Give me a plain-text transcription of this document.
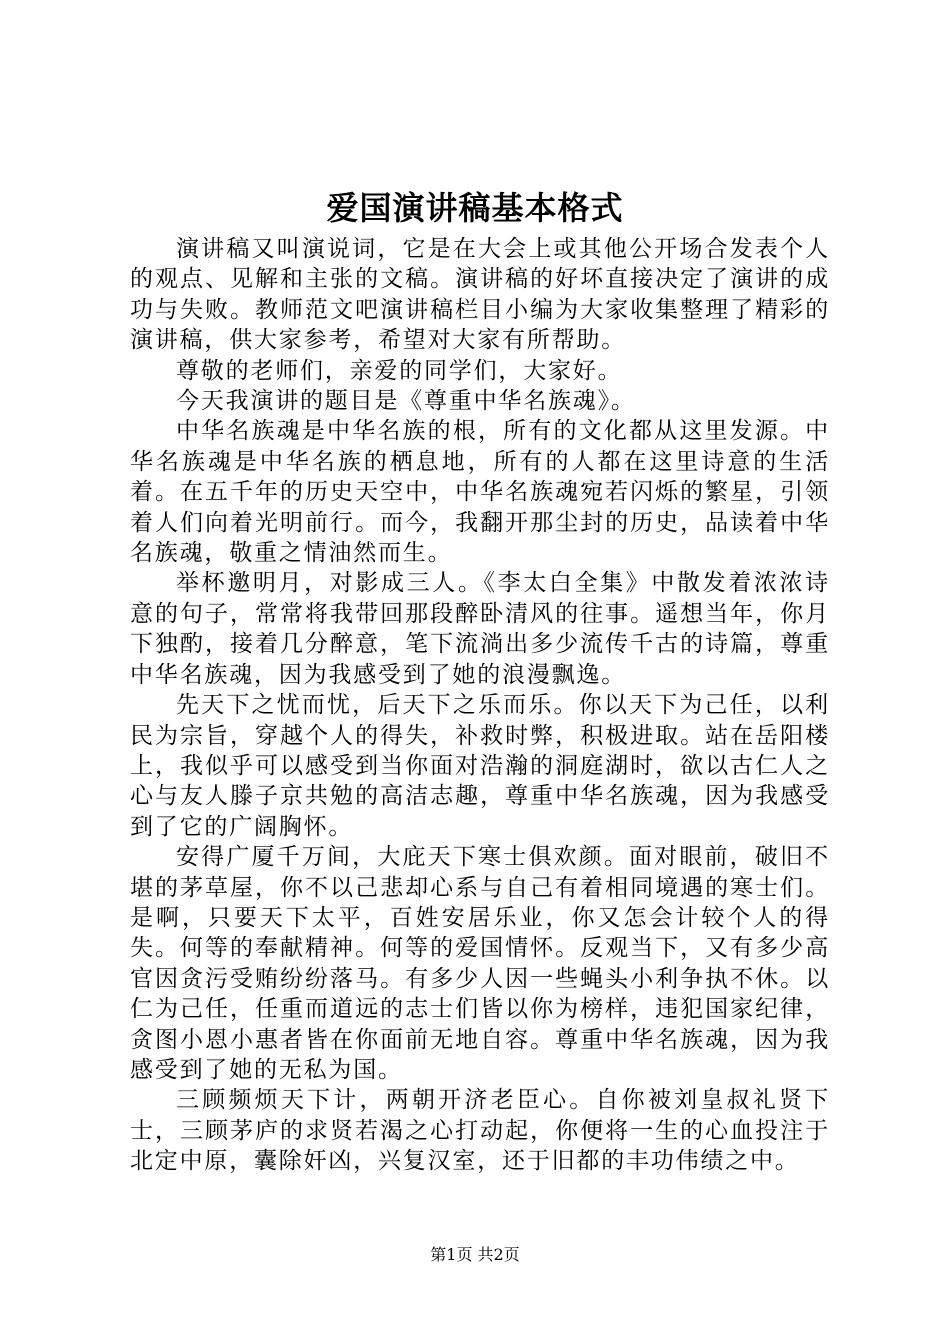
爱国演讲稿基本格式

演讲稿又叫演说词，它是在大会上或其他公开场合发表个人的观点、见解和主张的文稿。演讲稿的好坏直接决定了演讲的成功与失败。教师范文吧演讲稿栏目小编为大家收集整理了精彩的演讲稿，供大家参考，希望对大家有所帮助。

尊敬的老师们，亲爱的同学们，大家好。

今天我演讲的题目是《尊重中华名族魂》。

中华名族魂是中华名族的根，所有的文化都从这里发源。中华名族魂是中华名族的栖息地，所有的人都在这里诗意的生活着。在五千年的历史天空中，中华名族魂宛若闪烁的繁星，引领着人们向着光明前行。而今，我翻开那尘封的历史，品读着中华名族魂，敬重之情油然而生。

举杯邀明月，对影成三人。《李太白全集》中散发着浓浓诗意的句子，常常将我带回那段醉卧清风的往事。遥想当年，你月下独酌，接着几分醉意，笔下流淌出多少流传千古的诗篇，尊重中华名族魂，因为我感受到了她的浪漫飘逸。

先天下之忧而忧，后天下之乐而乐。你以天下为己任，以利民为宗旨，穿越个人的得失，补救时弊，积极进取。站在岳阳楼上，我似乎可以感受到当你面对浩瀚的洞庭湖时，欲以古仁人之心与友人滕子京共勉的高洁志趣，尊重中华名族魂，因为我感受到了它的广阔胸怀。

安得广厦千万间，大庇天下寒士俱欢颜。面对眼前，破旧不堪的茅草屋，你不以己悲却心系与自己有着相同境遇的寒士们。是啊，只要天下太平，百姓安居乐业，你又怎会计较个人的得失。何等的奉献精神。何等的爱国情怀。反观当下，又有多少高官因贪污受贿纷纷落马。有多少人因一些蝇头小利争执不休。以仁为己任，任重而道远的志士们皆以你为榜样，违犯国家纪律，贪图小恩小惠者皆在你面前无地自容。尊重中华名族魂，因为我感受到了她的无私为国。

三顾频烦天下计，两朝开济老臣心。自你被刘皇叔礼贤下士，三顾茅庐的求贤若渴之心打动起，你便将一生的心血投注于北定中原，囊除奸凶，兴复汉室，还于旧都的丰功伟绩之中。

第1页 共2页
